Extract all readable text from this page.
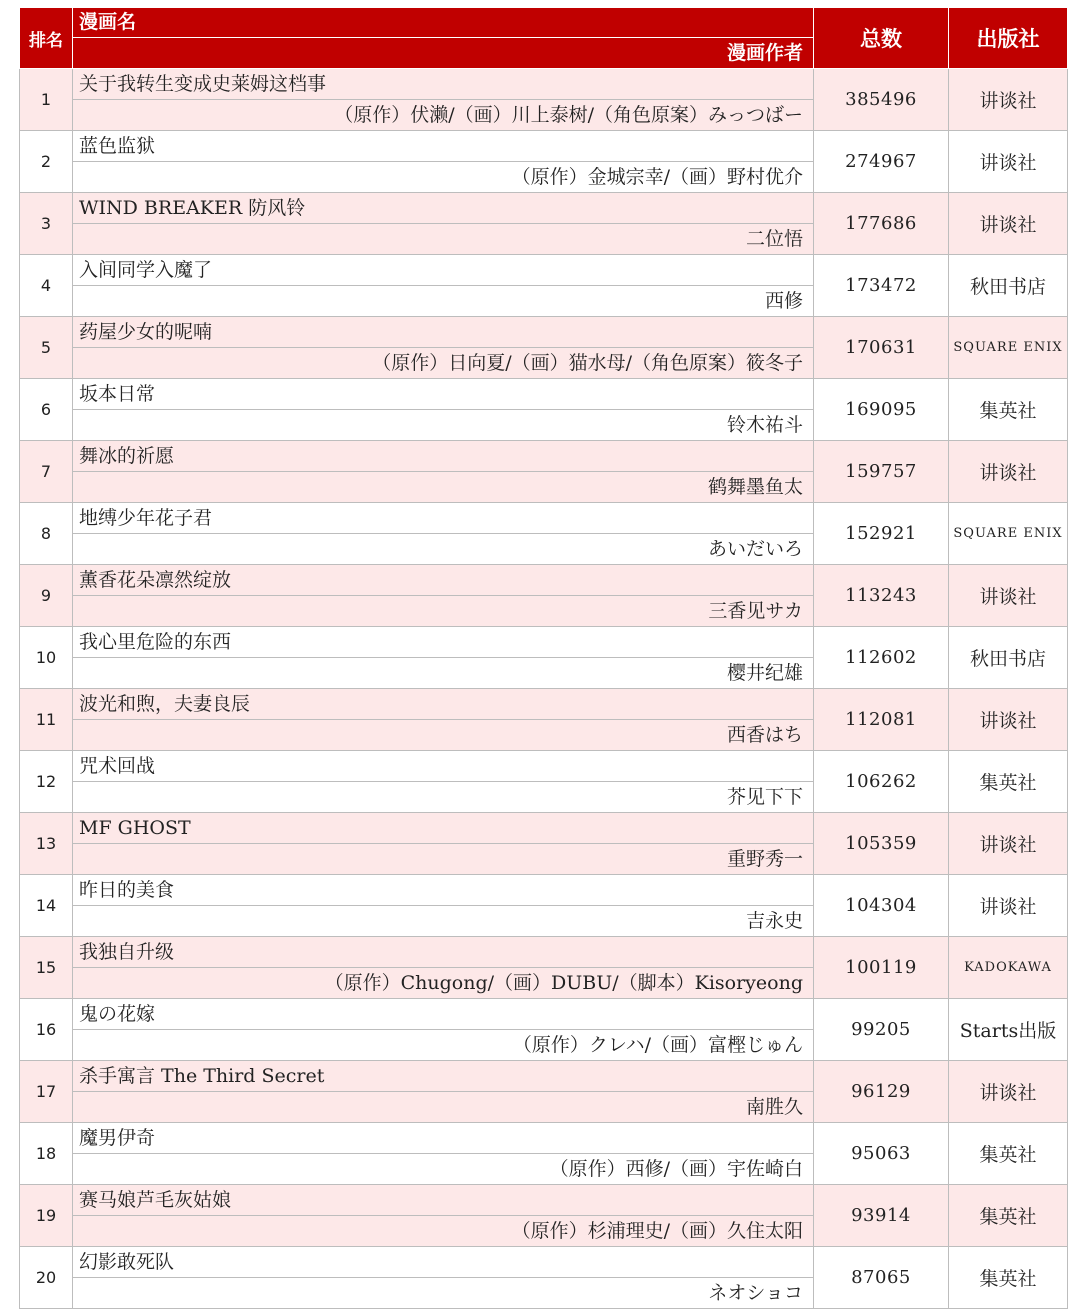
排名	漫画名
漫画作者	总数	出版社
1	关于我转生变成史莱姆这档事
（原作）伏濑/（画）川上泰树/（角色原案）みっつばー	385496	讲谈社
2	蓝色监狱
（原作）金城宗幸/（画）野村优介	274967	讲谈社
3	WIND BREAKER 防风铃
二位悟	177686	讲谈社
4	入间同学入魔了
西修	173472	秋田书店
5	药屋少女的呢喃
（原作）日向夏/（画）猫水母/（角色原案）筱冬子	170631	SQUARE ENIX
6	坂本日常
铃木祐斗	169095	集英社
7	舞冰的祈愿
鹤舞墨鱼太	159757	讲谈社
8	地缚少年花子君
あいだいろ	152921	SQUARE ENIX
9	薫香花朵凛然绽放
三香见サカ	113243	讲谈社
10	我心里危险的东西
樱井纪雄	112602	秋田书店
11	波光和煦，夫妻良辰
西香はち	112081	讲谈社
12	咒术回战
芥见下下	106262	集英社
13	MF GHOST
重野秀一	105359	讲谈社
14	昨日的美食
吉永史	104304	讲谈社
15	我独自升级
（原作）Chugong/（画）DUBU/（脚本）Kisoryeong	100119	KADOKAWA
16	鬼の花嫁
（原作）クレハ/（画）富樫じゅん	99205	Starts出版
17	杀手寓言 The Third Secret
南胜久	96129	讲谈社
18	魔男伊奇
（原作）西修/（画）宇佐崎白	95063	集英社
19	赛马娘芦毛灰姑娘
（原作）杉浦理史/（画）久住太阳	93914	集英社
20	幻影敢死队
ネオショコ	87065	集英社
